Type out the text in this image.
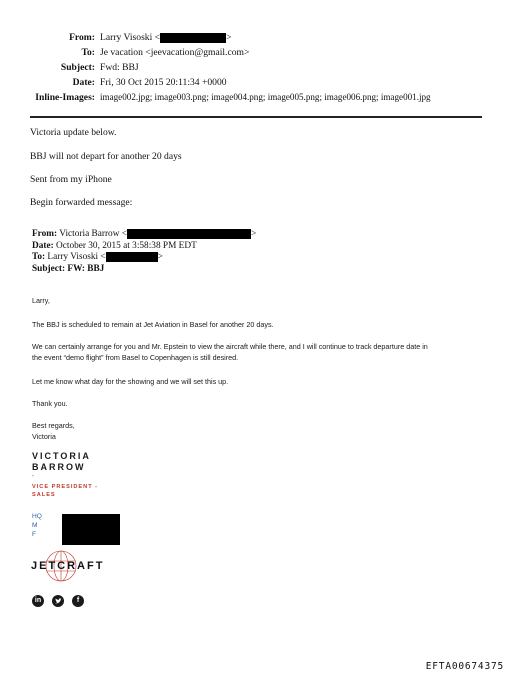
From: Larry Visoski <	>
To: Je vacation <jeevacation@gmail.com>
Subject: Fwd: BBJ
Date: Fri, 30 Oct 2015 20:11:34 +0000
Inline-Images: image002.jpg; image003.png; image004.png; image005.png; image006.png; image001.jpg
Victoria update below.
BBJ will not depart for another 20 days
Sent from my iPhone
Begin forwarded message:
From: Victoria Barrow <	>
Date: October 30, 2015 at 3:58:38 PM EDT
To: Larry Visoski <	>
Subject: FW: BBJ
Larry,
The BBJ is scheduled to remain at Jet Aviation in Basel for another 20 days.
We can certainly arrange for you and Mr. Epstein to view the aircraft while there, and I will continue to track departure date in
the event “demo flight” from Basel to Copenhagen is still desired.
Let me know what day for the showing and we will set this up.
Thank you.
Best regards,
Victoria
VICTORIA
BARROW
-
VICE PRESIDENT -
SALES
HQ
M
F
JETCRAFT
in	f
EFTA00674375
